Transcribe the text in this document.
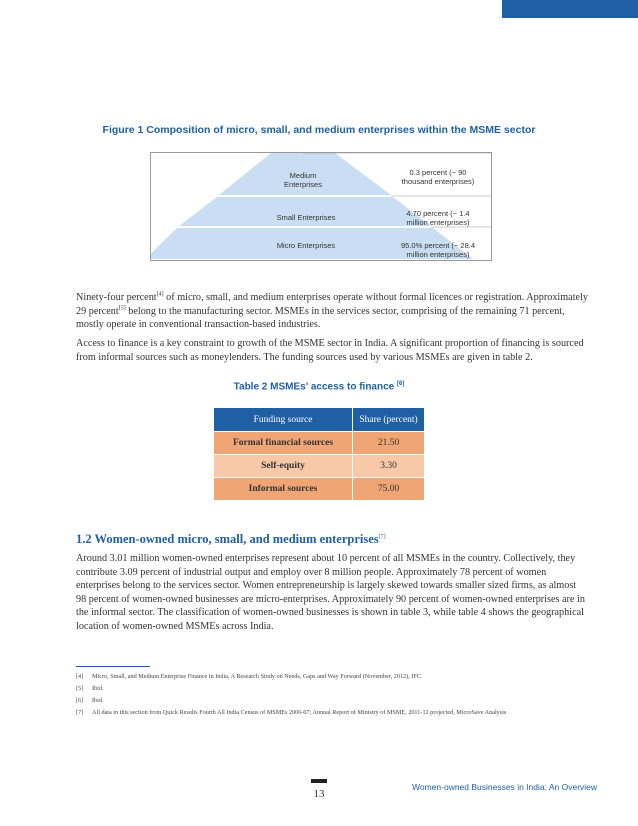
Figure 1 Composition of micro, small, and medium enterprises within the MSME sector
Medium
Enterprises
Small Enterprises
Micro Enterprises
0.3 percent (~ 90
thousand enterprises)
4.70 percent (~ 1.4
million enterprises)
95.0% percent (~ 28.4
million enterprises)
Ninety-four percent[4] of micro, small, and medium enterprises operate without formal licences or registration. Approximately 29 percent[5] belong to the manufacturing sector. MSMEs in the services sector, comprising of the remaining 71 percent, mostly operate in conventional transaction-based industries.
Access to finance is a key constraint to growth of the MSME sector in India. A significant proportion of financing is sourced from informal sources such as moneylenders. The funding sources used by various MSMEs are given in table 2.
Table 2 MSMEs' access to finance [6]
Funding source	Share (percent)
Formal financial sources	21.50
Self-equity	3.30
Informal sources	75.00
1.2 Women-owned micro, small, and medium enterprises[7]
Around 3.01 million women-owned enterprises represent about 10 percent of all MSMEs in the country. Collectively, they contribute 3.09 percent of industrial output and employ over 8 million people. Approximately 78 percent of women enterprises belong to the services sector. Women entrepreneurship is largely skewed towards smaller sized firms, as almost 98 percent of women-owned businesses are micro-enterprises. Approximately 90 percent of women-owned enterprises are in the informal sector. The classification of women-owned businesses is shown in table 3, while table 4 shows the geographical location of women-owned MSMEs across India.
[4] Micro, Small, and Medium Enterprise Finance in India, A Research Study on Needs, Gaps and Way Forward (November, 2012), IFC.
[5] Ibid.
[6] Ibid.
[7] All data in this section from Quick Results Fourth All India Census of MSMEs 2006-07; Annual Report of Ministry of MSME, 2011-12 projected, MicroSave Analysis
13
Women-owned Businesses in India: An Overview
